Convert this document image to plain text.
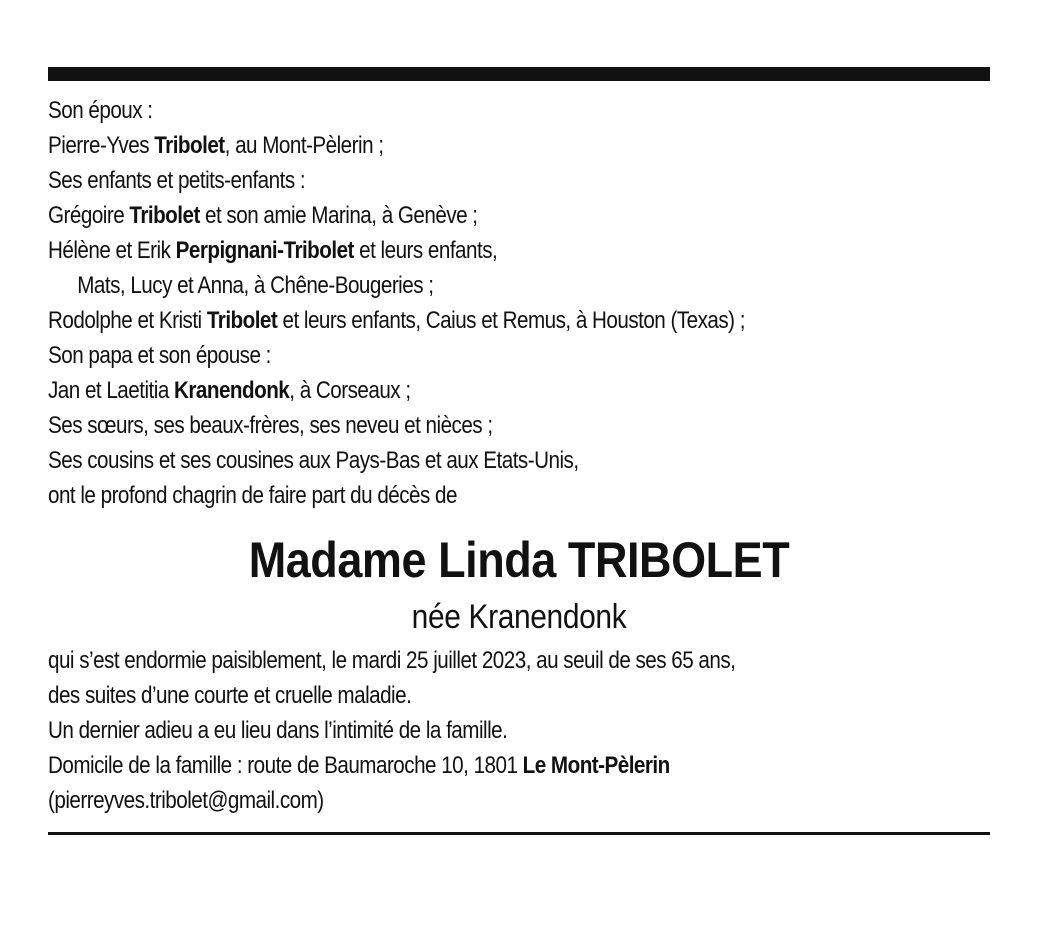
Son époux :
Pierre-Yves Tribolet, au Mont-Pèlerin ;
Ses enfants et petits-enfants :
Grégoire Tribolet et son amie Marina, à Genève ;
Hélène et Erik Perpignani-Tribolet et leurs enfants,
Mats, Lucy et Anna, à Chêne-Bougeries ;
Rodolphe et Kristi Tribolet et leurs enfants, Caius et Remus, à Houston (Texas) ;
Son papa et son épouse :
Jan et Laetitia Kranendonk, à Corseaux ;
Ses sœurs, ses beaux-frères, ses neveu et nièces ;
Ses cousins et ses cousines aux Pays-Bas et aux Etats-Unis,
ont le profond chagrin de faire part du décès de
Madame Linda TRIBOLET
née Kranendonk
qui s’est endormie paisiblement, le mardi 25 juillet 2023, au seuil de ses 65 ans,
des suites d’une courte et cruelle maladie.
Un dernier adieu a eu lieu dans l’intimité de la famille.
Domicile de la famille : route de Baumaroche 10, 1801 Le Mont-Pèlerin
(pierreyves.tribolet@gmail.com)
